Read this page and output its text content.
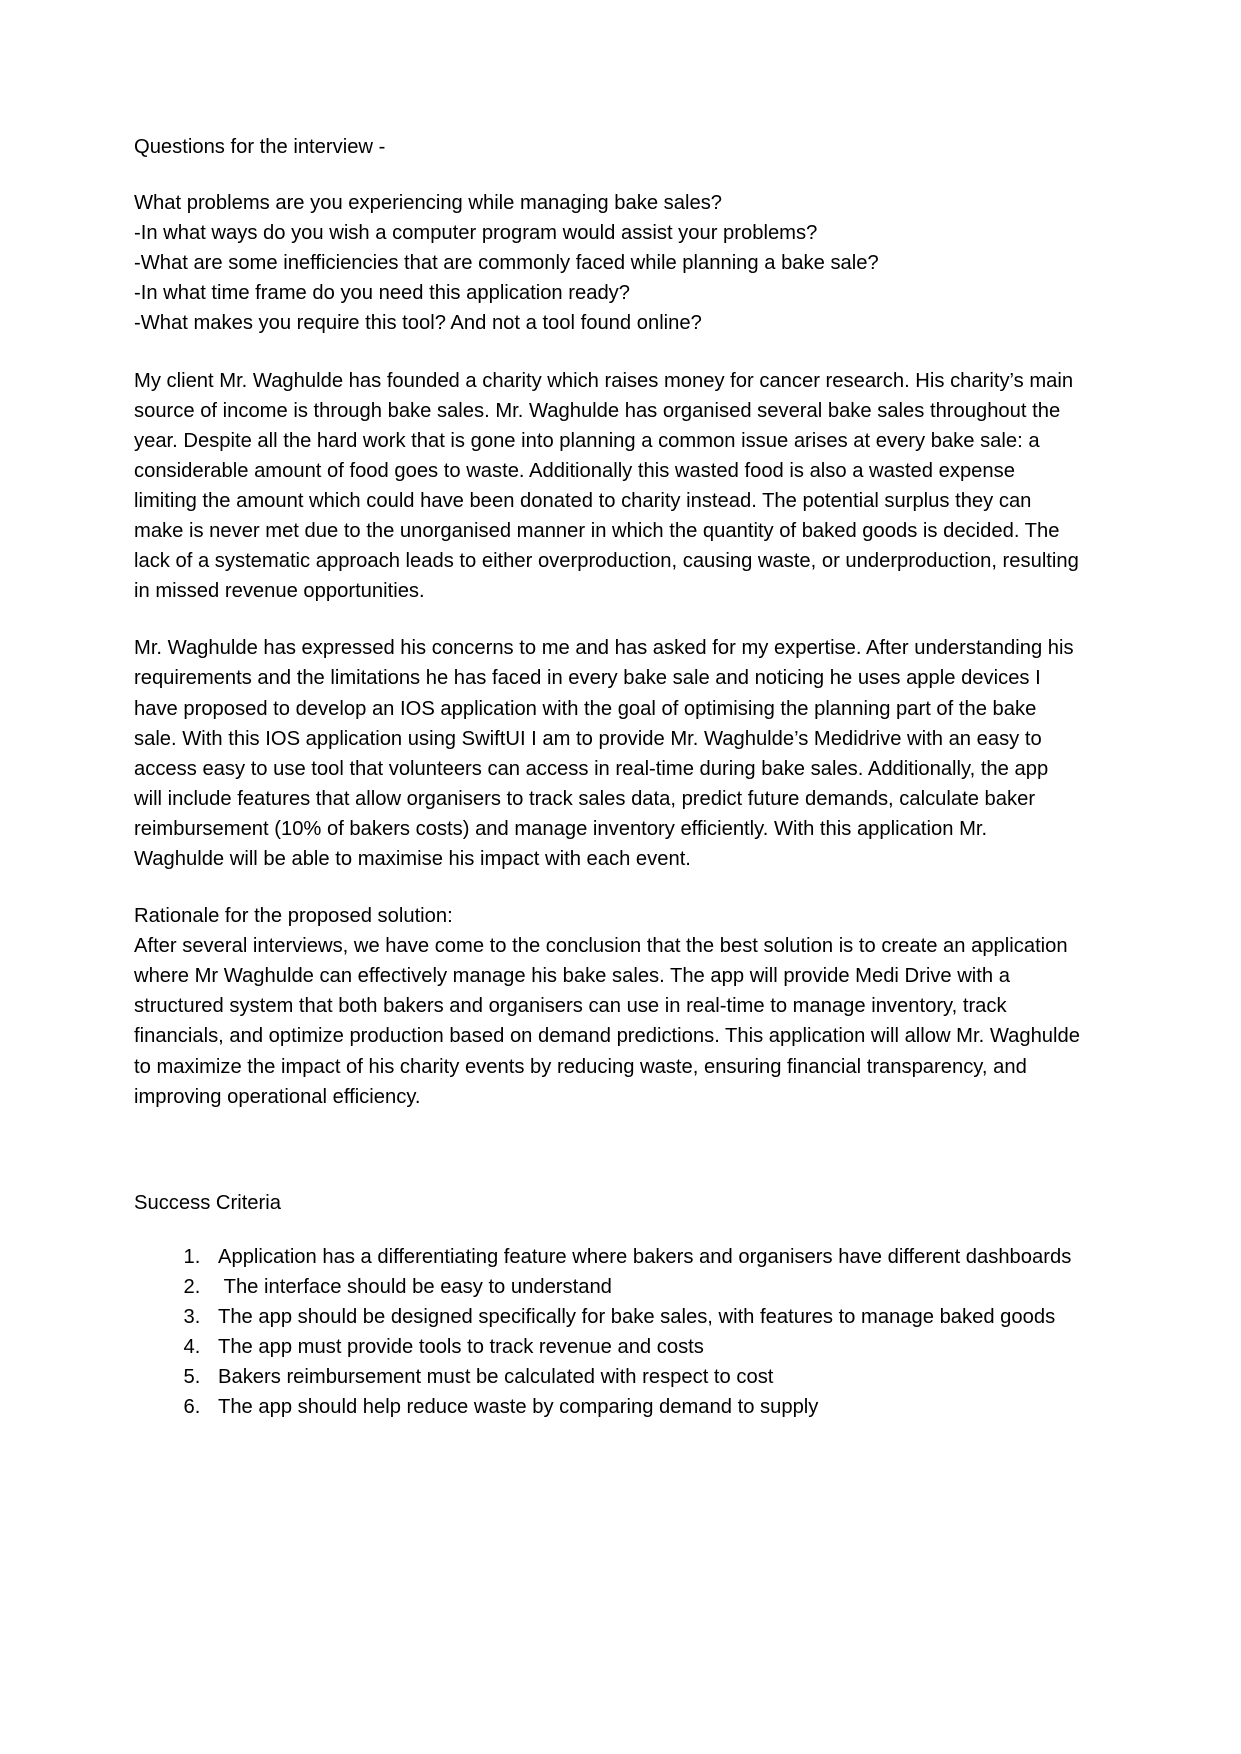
Questions for the interview -

What problems are you experiencing while managing bake sales?

-In what ways do you wish a computer program would assist your problems?

-What are some inefficiencies that are commonly faced while planning a bake sale?

-In what time frame do you need this application ready?

-What makes you require this tool? And not a tool found online?

My client Mr. Waghulde has founded a charity which raises money for cancer research. His charity’s main source of income is through bake sales. Mr. Waghulde has organised several bake sales throughout the year. Despite all the hard work that is gone into planning a common issue arises at every bake sale: a considerable amount of food goes to waste. Additionally this wasted food is also a wasted expense limiting the amount which could have been donated to charity instead. The potential surplus they can make is never met due to the unorganised manner in which the quantity of baked goods is decided. The lack of a systematic approach leads to either overproduction, causing waste, or underproduction, resulting in missed revenue opportunities.

Mr. Waghulde has expressed his concerns to me and has asked for my expertise. After understanding his requirements and the limitations he has faced in every bake sale and noticing he uses apple devices I have proposed to develop an IOS application with the goal of optimising the planning part of the bake sale. With this IOS application using SwiftUI I am to provide Mr. Waghulde’s Medidrive with an easy to access easy to use tool that volunteers can access in real-time during bake sales. Additionally, the app will include features that allow organisers to track sales data, predict future demands, calculate baker reimbursement (10% of bakers costs) and manage inventory efficiently. With this application Mr. Waghulde will be able to maximise his impact with each event.

Rationale for the proposed solution:

After several interviews, we have come to the conclusion that the best solution is to create an application where Mr Waghulde can effectively manage his bake sales. The app will provide Medi Drive with a structured system that both bakers and organisers can use in real-time to manage inventory, track financials, and optimize production based on demand predictions. This application will allow Mr. Waghulde to maximize the impact of his charity events by reducing waste, ensuring financial transparency, and improving operational efficiency.

Success Criteria

1. Application has a differentiating feature where bakers and organisers have different dashboards
2.  The interface should be easy to understand
3. The app should be designed specifically for bake sales, with features to manage baked goods
4. The app must provide tools to track revenue and costs
5. Bakers reimbursement must be calculated with respect to cost
6. The app should help reduce waste by comparing demand to supply
